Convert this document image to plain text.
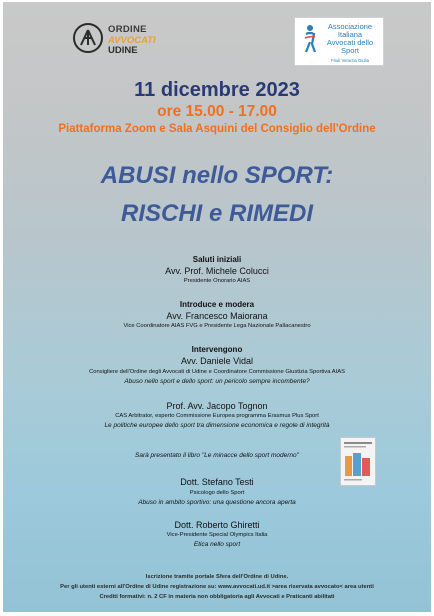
ORDINE
AVVOCATI
UDINE
Associazione
Italiana
Avvocati dello Sport
Friuli Venezia Giulia
11 dicembre 2023
ore 15.00 - 17.00
Piattaforma Zoom e Sala Asquini del Consiglio dell'Ordine
ABUSI nello SPORT:
RISCHI e RIMEDI
Saluti iniziali
Avv. Prof. Michele Colucci
Presidente Onorario AIAS
Introduce e modera
Avv. Francesco Maiorana
Vice Coordinatore AIAS FVG e Presidente Lega Nazionale Pallacanestro
Intervengono
Avv. Daniele Vidal
Consigliere dell'Ordine degli Avvocati di Udine e Coordinatore Commissione Giustizia Sportiva AIAS
Abuso nello sport e dello sport: un pericolo sempre incombente?
Prof. Avv. Jacopo Tognon
CAS Arbitrator, esperto Commissione Europea programma Erasmus Plus Sport
Le politiche europee dello sport tra dimensione economica e regole di integrità
Sarà presentato il libro "Le minacce dello sport moderno"
Dott. Stefano Testi
Psicologo dello Sport
Abuso in ambito sportivo: una questione ancora aperta
Dott. Roberto Ghiretti
Vice-Presidente Special Olympics Italia
Etica nello sport
Iscrizione tramite portale Sfera dell'Ordine di Udine.
Per gli utenti esterni all'Ordine di Udine registrazione su: www.avvocati.ud.it >area riservata avvocato< area utenti
Crediti formativi: n. 2 CF in materia non obbligatoria agli Avvocati e Praticanti abilitati
